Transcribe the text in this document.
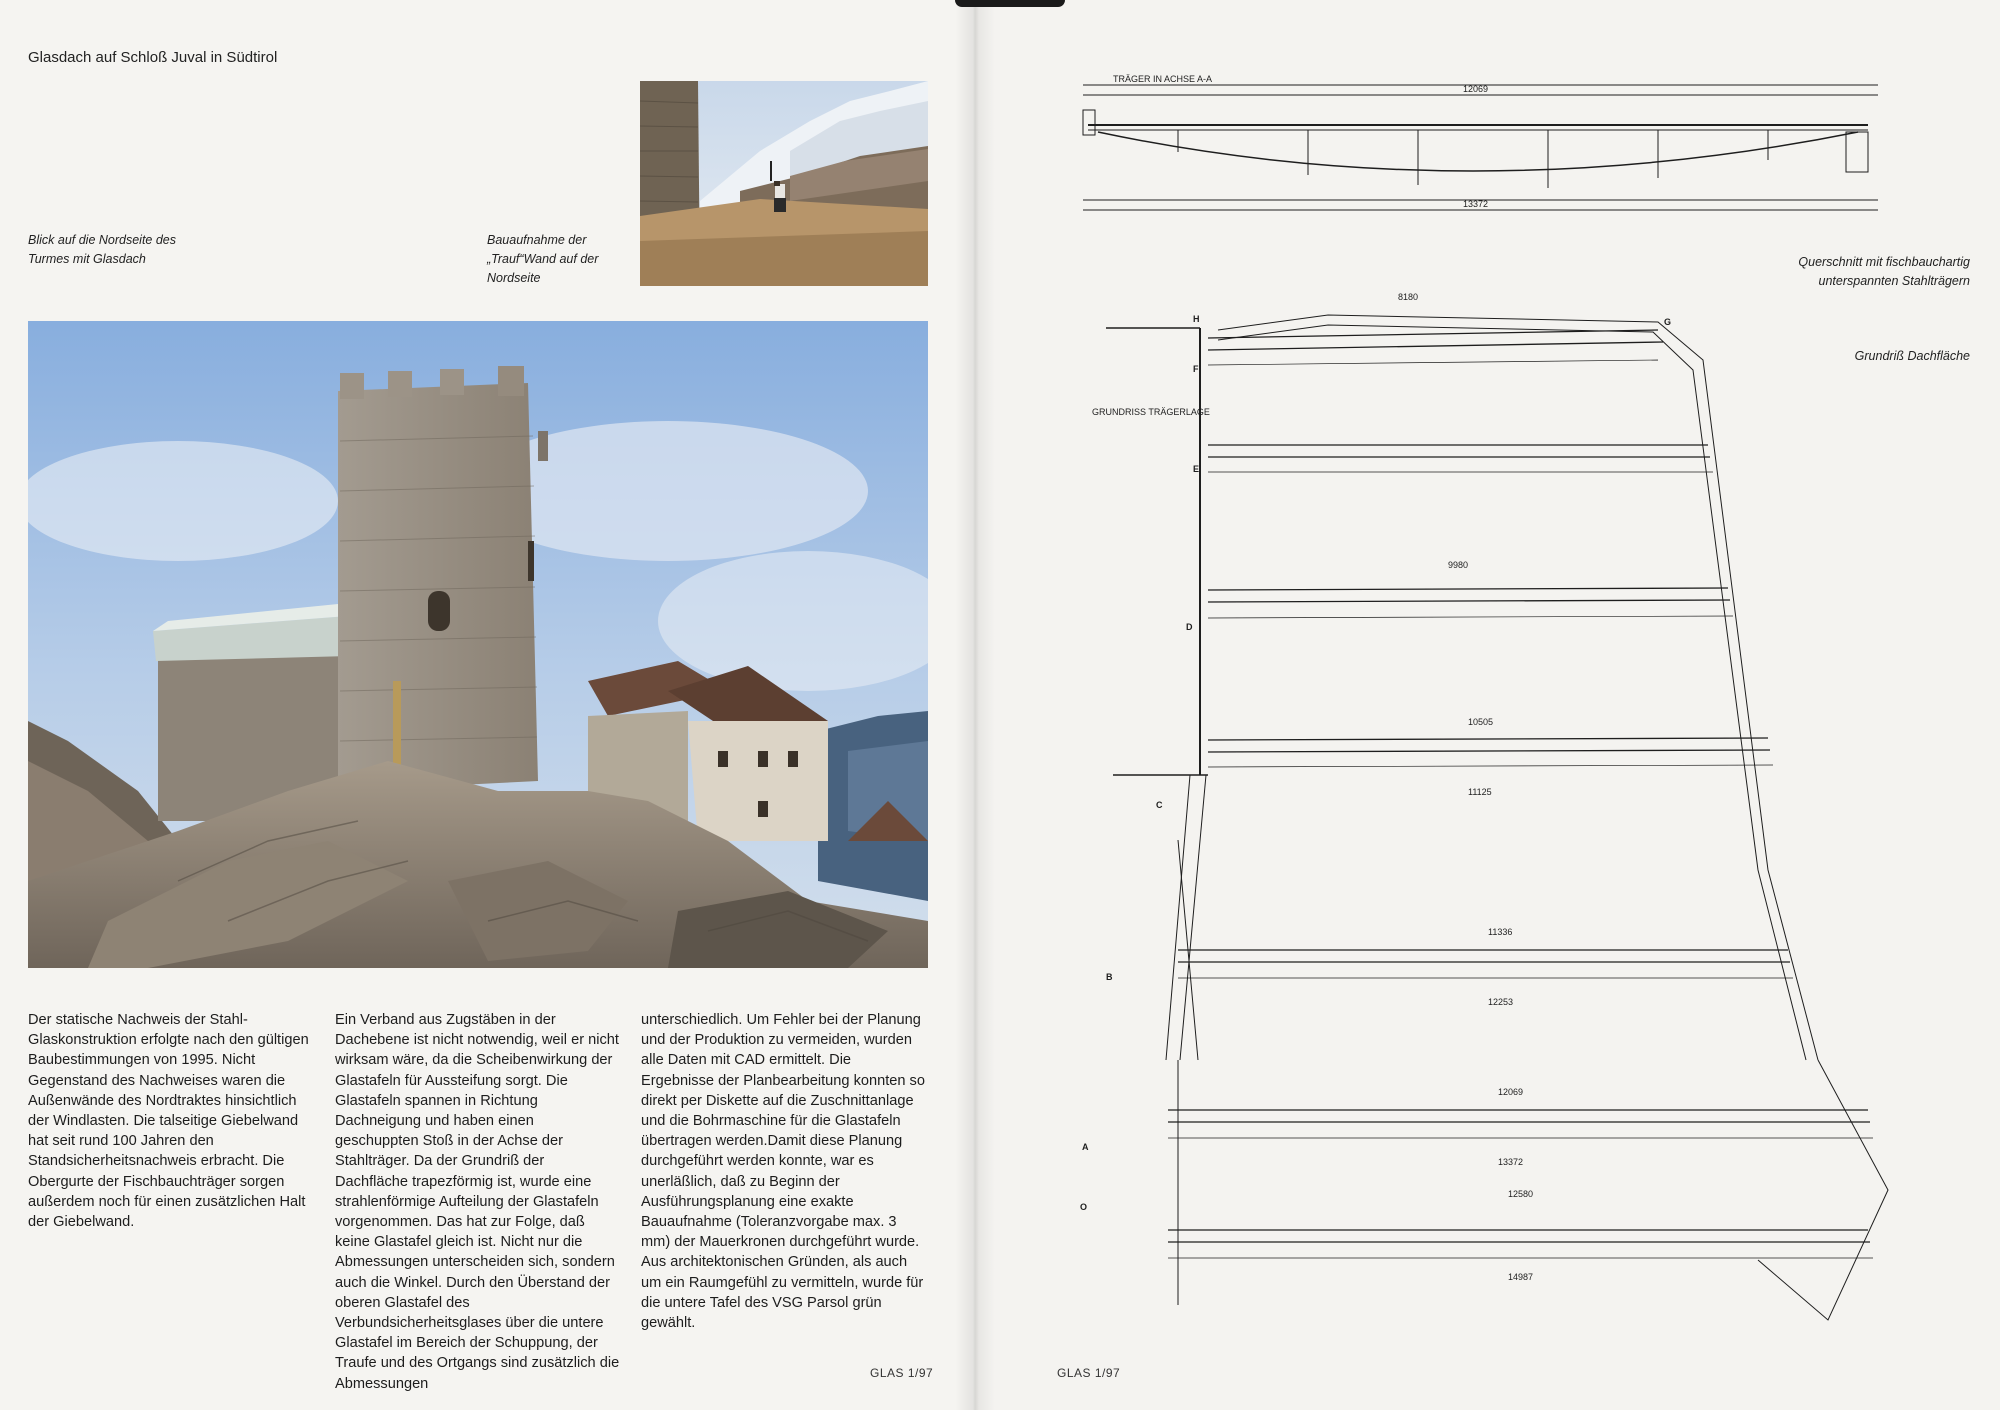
Glasdach auf Schloß Juval in Südtirol
Blick auf die Nordseite des Turmes mit Glasdach
Bauaufnahme der „Trauf“Wand auf der Nordseite
Querschnitt mit fischbauchartig unterspannten Stahlträgern
Grundriß Dachfläche

Der statische Nachweis der Stahl-Glaskonstruktion erfolgte nach den gültigen Baubestimmungen von 1995. Nicht Gegenstand des Nachweises waren die Außenwände des Nordtraktes hinsichtlich der Windlasten. Die talseitige Giebelwand hat seit rund 100 Jahren den Standsicherheitsnachweis erbracht. Die Obergurte der Fischbauchträger sorgen außerdem noch für einen zusätzlichen Halt der Giebelwand.

Ein Verband aus Zugstäben in der Dachebene ist nicht notwendig, weil er nicht wirksam wäre, da die Scheibenwirkung der Glastafeln für Aussteifung sorgt. Die Glastafeln spannen in Richtung Dachneigung und haben einen geschuppten Stoß in der Achse der Stahlträger. Da der Grundriß der Dachfläche trapezförmig ist, wurde eine strahlenförmige Aufteilung der Glastafeln vorgenommen. Das hat zur Folge, daß keine Glastafel gleich ist. Nicht nur die Abmessungen unterscheiden sich, sondern auch die Winkel. Durch den Überstand der oberen Glastafel des Verbundsicherheitsglases über die untere Glastafel im Bereich der Schuppung, der Traufe und des Ortgangs sind zusätzlich die Abmessungen

unterschiedlich. Um Fehler bei der Planung und der Produktion zu vermeiden, wurden alle Daten mit CAD ermittelt. Die Ergebnisse der Planbearbeitung konnten so direkt per Diskette auf die Zuschnittanlage und die Bohrmaschine für die Glastafeln übertragen werden.Damit diese Planung durchgeführt werden konnte, war es unerläßlich, daß zu Beginn der Ausführungsplanung eine exakte Bauaufnahme (Toleranzvorgabe max. 3 mm) der Mauerkronen durchgeführt wurde.

Aus architektonischen Gründen, als auch um ein Raumgefühl zu vermitteln, wurde für die untere Tafel des VSG Parsol grün gewählt.

GLAS 1/97	GLAS 1/97
TRÄGER IN ACHSE A-A
12069
13372
GRUNDRISS TRÄGERLAGE
H
F
E
D
C
B
A
O
G
8180
9980
10505
11125
11336
12253
12069
13372
12580
14987
